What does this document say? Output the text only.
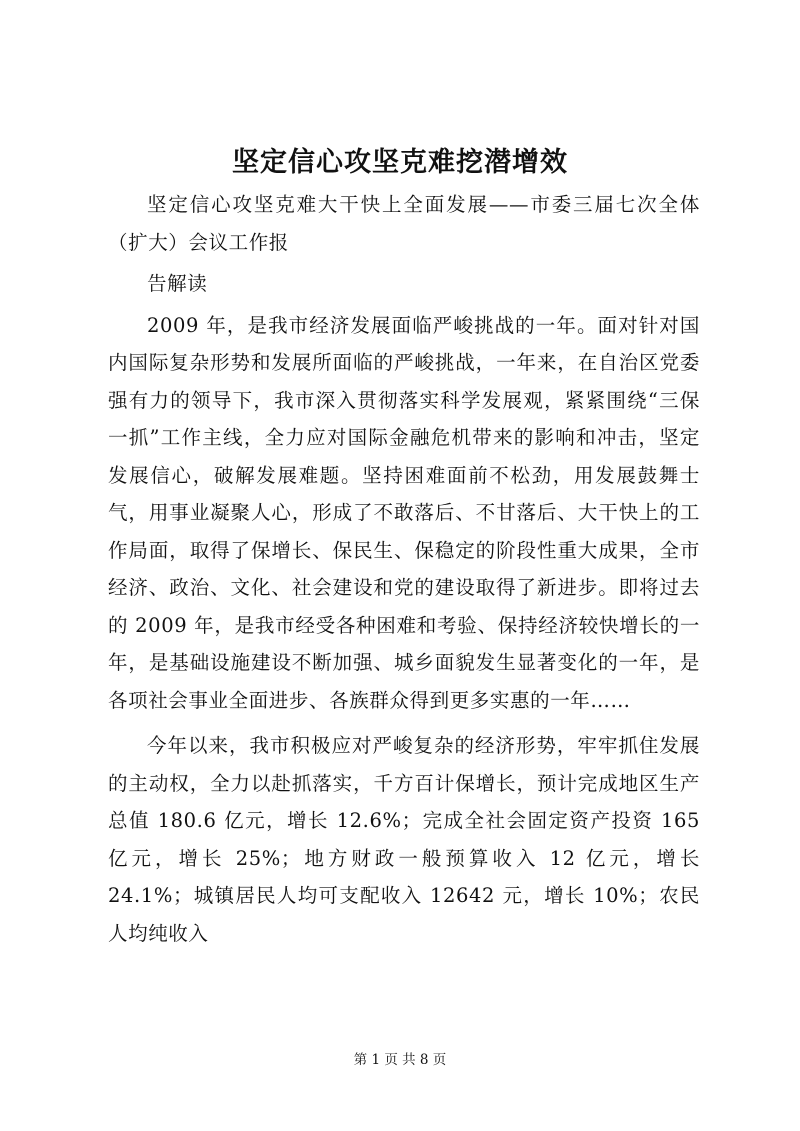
坚定信心攻坚克难挖潜增效

坚定信心攻坚克难大干快上全面发展——市委三届七次全体（扩大）会议工作报

告解读

2009 年，是我市经济发展面临严峻挑战的一年。面对针对国内国际复杂形势和发展所面临的严峻挑战，一年来，在自治区党委强有力的领导下，我市深入贯彻落实科学发展观，紧紧围绕“三保一抓”工作主线，全力应对国际金融危机带来的影响和冲击，坚定发展信心，破解发展难题。坚持困难面前不松劲，用发展鼓舞士气，用事业凝聚人心，形成了不敢落后、不甘落后、大干快上的工作局面，取得了保增长、保民生、保稳定的阶段性重大成果，全市经济、政治、文化、社会建设和党的建设取得了新进步。即将过去的 2009 年，是我市经受各种困难和考验、保持经济较快增长的一年，是基础设施建设不断加强、城乡面貌发生显著变化的一年，是各项社会事业全面进步、各族群众得到更多实惠的一年……

今年以来，我市积极应对严峻复杂的经济形势，牢牢抓住发展的主动权，全力以赴抓落实，千方百计保增长，预计完成地区生产总值 180.6 亿元，增长 12.6%；完成全社会固定资产投资 165 亿元，增长 25%；地方财政一般预算收入 12 亿元，增长 24.1%；城镇居民人均可支配收入 12642 元，增长 10%；农民人均纯收入

第 1 页 共 8 页
